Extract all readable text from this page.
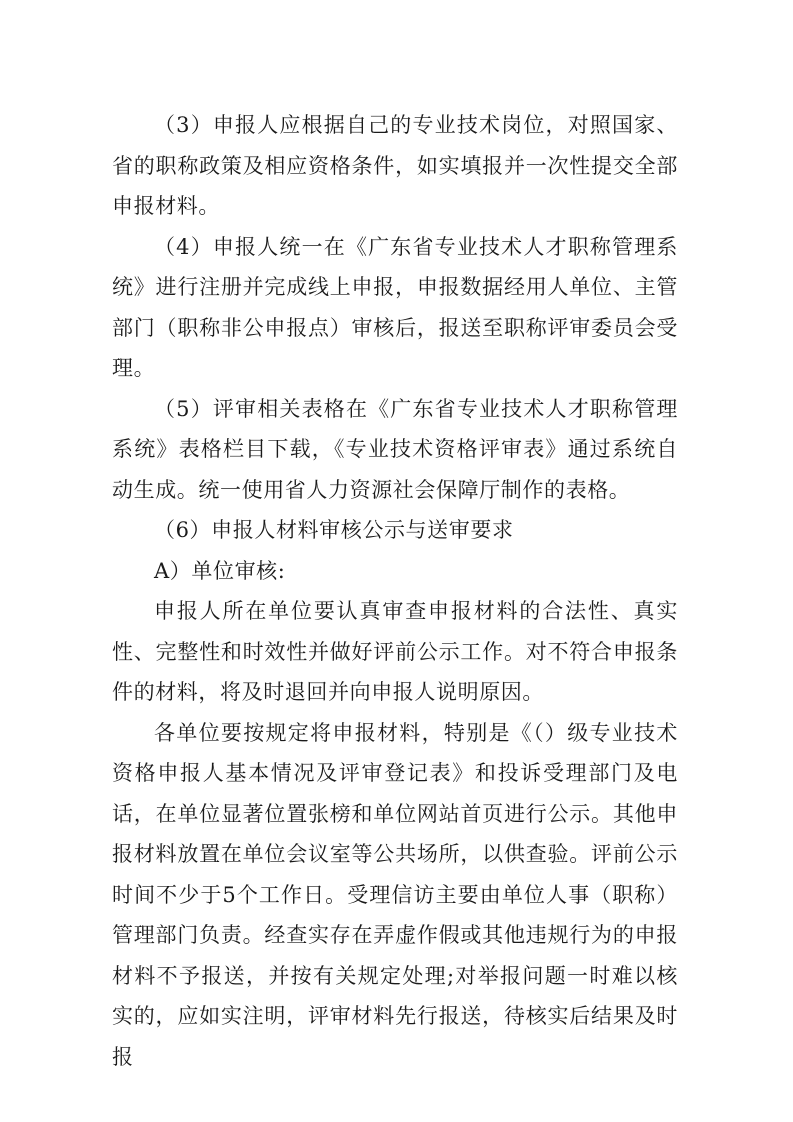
（3）申报人应根据自己的专业技术岗位，对照国家、省的职称政策及相应资格条件，如实填报并一次性提交全部申报材料。

（4）申报人统一在《广东省专业技术人才职称管理系统》进行注册并完成线上申报，申报数据经用人单位、主管部门（职称非公申报点）审核后，报送至职称评审委员会受理。

（5）评审相关表格在《广东省专业技术人才职称管理系统》表格栏目下载，《专业技术资格评审表》通过系统自动生成。统一使用省人力资源社会保障厅制作的表格。

（6）申报人材料审核公示与送审要求

A）单位审核:

申报人所在单位要认真审查申报材料的合法性、真实性、完整性和时效性并做好评前公示工作。对不符合申报条件的材料，将及时退回并向申报人说明原因。

各单位要按规定将申报材料，特别是《（）级专业技术资格申报人基本情况及评审登记表》和投诉受理部门及电话，在单位显著位置张榜和单位网站首页进行公示。其他申报材料放置在单位会议室等公共场所，以供查验。评前公示时间不少于5个工作日。受理信访主要由单位人事（职称）管理部门负责。经查实存在弄虚作假或其他违规行为的申报材料不予报送，并按有关规定处理;对举报问题一时难以核实的，应如实注明，评审材料先行报送，待核实后结果及时报
